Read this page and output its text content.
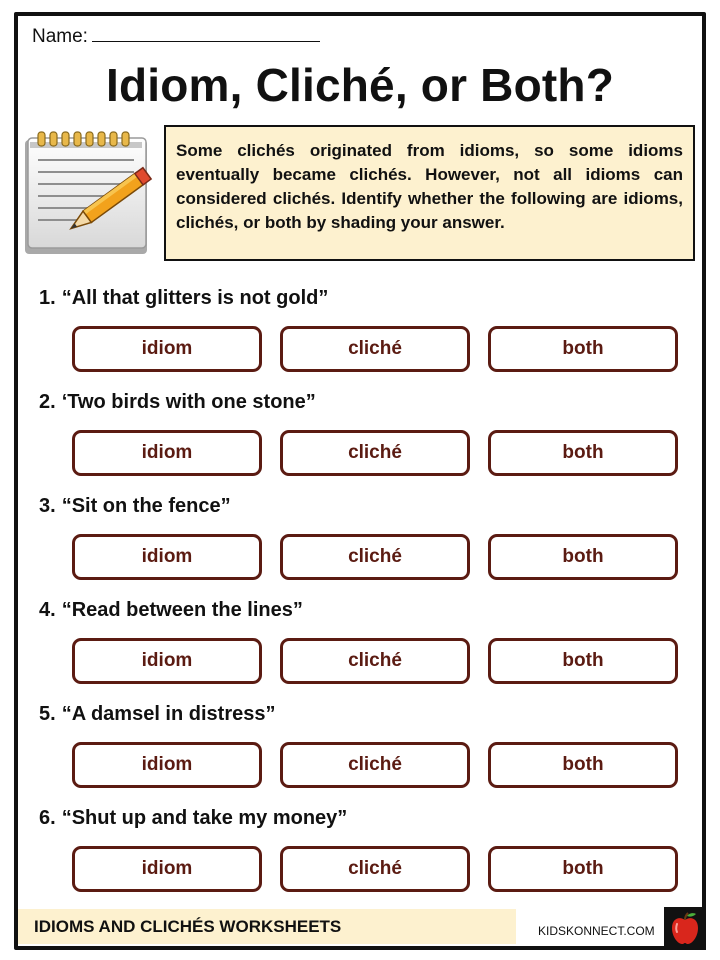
Name:
Idiom, Cliché, or Both?
Some clichés originated from idioms, so some idioms eventually became clichés. However, not all idioms can considered clichés. Identify whether the following are idioms, clichés, or both by shading your answer.
1. “All that glitters is not gold”
idiom	cliché	both
2. ‘Two birds with one stone”
idiom	cliché	both
3. “Sit on the fence”
idiom	cliché	both
4. “Read between the lines”
idiom	cliché	both
5. “A damsel in distress”
idiom	cliché	both
6. “Shut up and take my money”
idiom	cliché	both
IDIOMS AND CLICHÉS WORKSHEETS	KIDSKONNECT.COM
